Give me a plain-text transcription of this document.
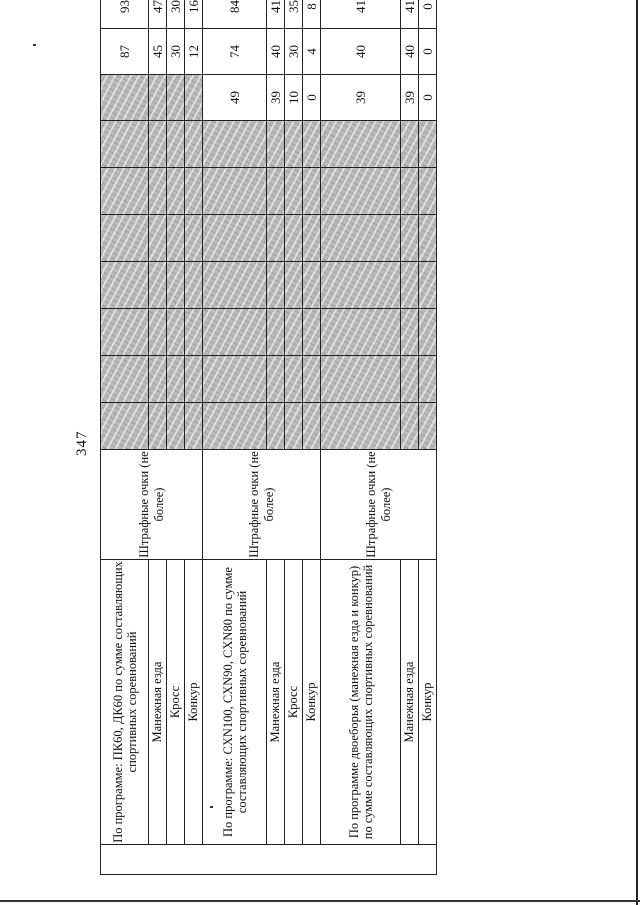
347
	По программе: ПК60, ДК60 по сумме составляющих спортивных соревнований	Штрафные очки (не более)									87	93
	Манежная езда										45	47
	Кросс										30	30
	Конкур										12	16
	По программе: CXN100, CXN90, CXN80 по сумме составляющих спортивных соревнований	Штрафные очки (не более)								49	74	84
	Манежная езда									39	40	41
	Кросс									10	30	35
	Конкур									0	4	8
	По программе двоеборья (манежная езда и конкур) по сумме составляющих спортивных соревнований	Штрафные очки (не более)								39	40	41
	Манежная езда									39	40	41
	Конкур									0	0	0
